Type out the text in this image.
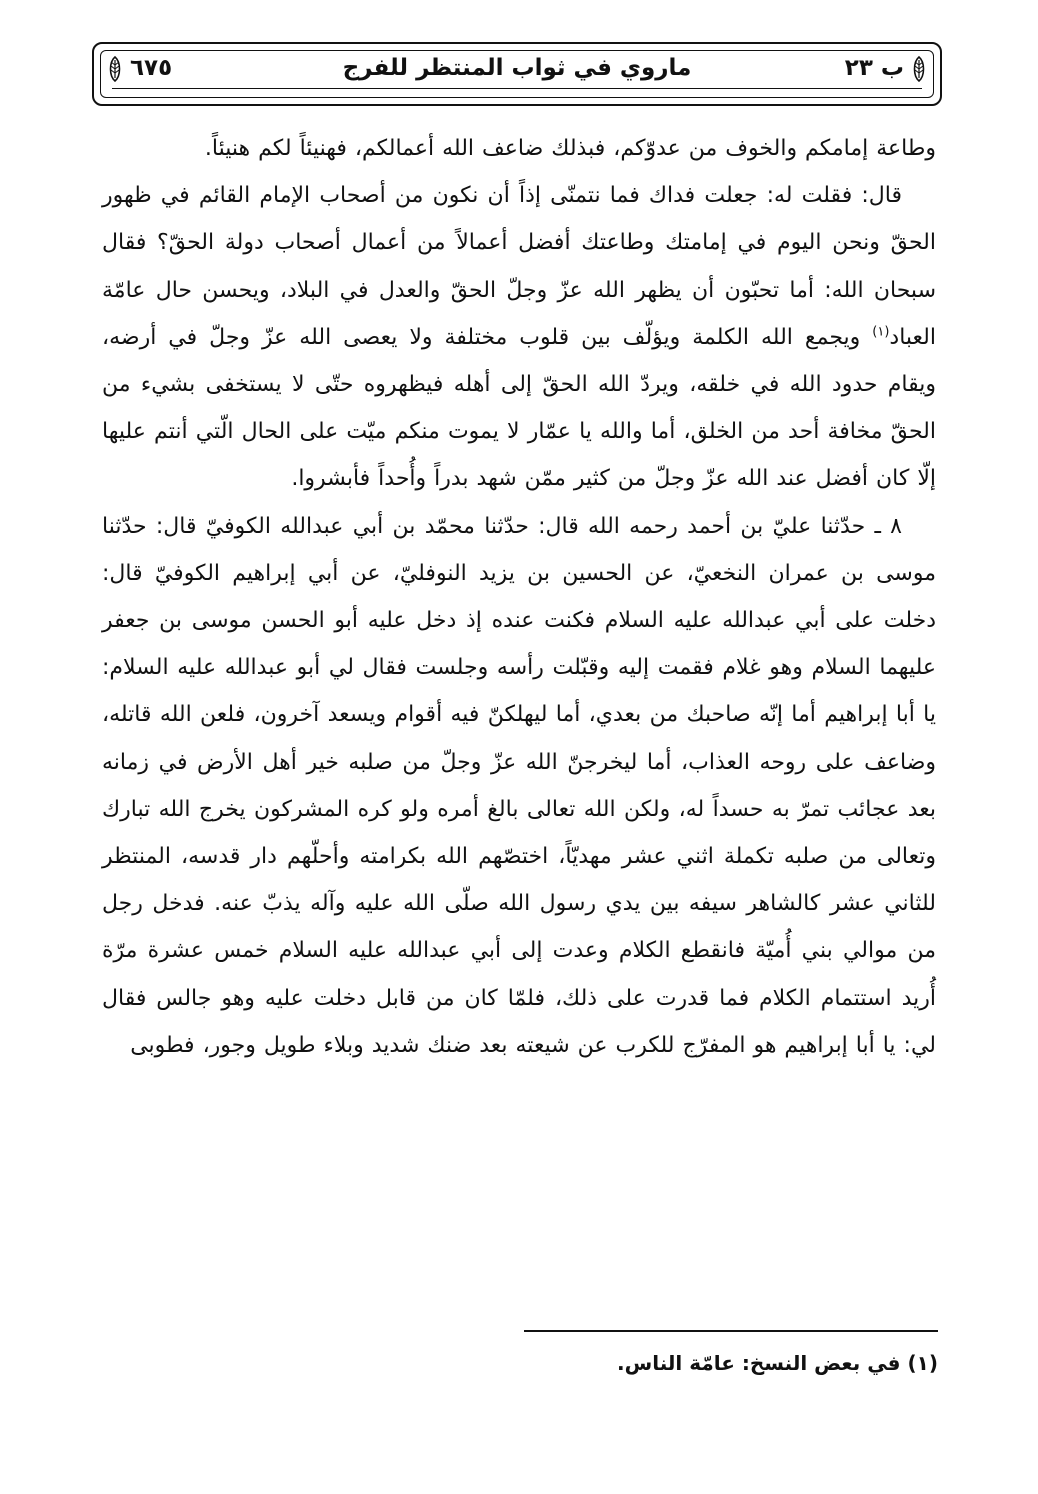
ب ٢٣
ماروي في ثواب المنتظر للفرج
٦٧٥

وطاعة إمامكم والخوف من عدوّكم، فبذلك ضاعف الله أعمالكم، فهنيئاً لكم هنيئاً.

قال: فقلت له: جعلت فداك فما نتمنّى إذاً أن نكون من أصحاب الإمام القائم في ظهور الحقّ ونحن اليوم في إمامتك وطاعتك أفضل أعمالاً من أعمال أصحاب دولة الحقّ؟ فقال سبحان الله: أما تحبّون أن يظهر الله عزّ وجلّ الحقّ والعدل في البلاد، ويحسن حال عامّة العباد$^{(١)}$ ويجمع الله الكلمة ويؤلّف بين قلوب مختلفة ولا يعصى الله عزّ وجلّ في أرضه، ويقام حدود الله في خلقه، ويردّ الله الحقّ إلى أهله فيظهروه حتّى لا يستخفى بشيء من الحقّ مخافة أحد من الخلق، أما والله يا عمّار لا يموت منكم ميّت على الحال الّتي أنتم عليها إلّا كان أفضل عند الله عزّ وجلّ من كثير ممّن شهد بدراً وأُحداً فأبشروا.

٨ ـ حدّثنا عليّ بن أحمد رحمه الله قال: حدّثنا محمّد بن أبي عبدالله الكوفيّ قال: حدّثنا موسى بن عمران النخعيّ، عن الحسين بن يزيد النوفليّ، عن أبي إبراهيم الكوفيّ قال: دخلت على أبي عبدالله عليه السلام فكنت عنده إذ دخل عليه أبو الحسن موسى بن جعفر عليهما السلام وهو غلام فقمت إليه وقبّلت رأسه وجلست فقال لي أبو عبدالله عليه السلام: يا أبا إبراهيم أما إنّه صاحبك من بعدي، أما ليهلكنّ فيه أقوام ويسعد آخرون، فلعن الله قاتله، وضاعف على روحه العذاب، أما ليخرجنّ الله عزّ وجلّ من صلبه خير أهل الأرض في زمانه بعد عجائب تمرّ به حسداً له، ولكن الله تعالى بالغ أمره ولو كره المشركون يخرج الله تبارك وتعالى من صلبه تكملة اثني عشر مهديّاً، اختصّهم الله بكرامته وأحلّهم دار قدسه، المنتظر للثاني عشر كالشاهر سيفه بين يدي رسول الله صلّى الله عليه وآله يذبّ عنه. فدخل رجل من موالي بني أُميّة فانقطع الكلام وعدت إلى أبي عبدالله عليه السلام خمس عشرة مرّة أُريد استتمام الكلام فما قدرت على ذلك، فلمّا كان من قابل دخلت عليه وهو جالس فقال لي: يا أبا إبراهيم هو المفرّج للكرب عن شيعته بعد ضنك شديد وبلاء طويل وجور، فطوبى

(١) في بعض النسخ: عامّة الناس.
